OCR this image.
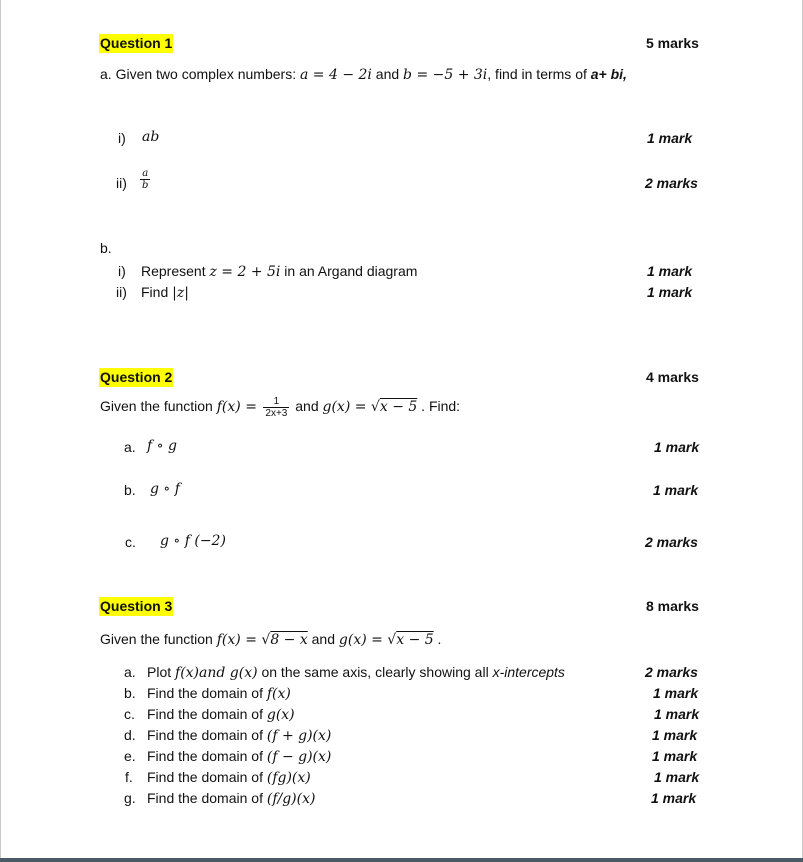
Question 1	5 marks
a. Given two complex numbers: a = 4 − 2i and b = −5 + 3i, find in terms of a+ bi,
i) ab	1 mark
$ii) \frac{a}{b}$	2 marks
b.
i) Represent z = 2 + 5i in an Argand diagram	1 mark
ii) Find |z|	1 mark
Question 2	4 marks
Given the function $f(x) = \frac{1}{2x+3}$ and g(x) = √x − 5 . Find:
a. f ∘ g	1 mark
b. g ∘ f	1 mark
c. g ∘ f (−2)	2 marks
Question 3	8 marks
Given the function f(x) = √8 − x and g(x) = √x − 5 .
a. Plot f(x)and g(x) on the same axis, clearly showing all x-intercepts	2 marks
b. Find the domain of f(x)	1 mark
c. Find the domain of g(x)	1 mark
d. Find the domain of (f + g)(x)	1 mark
e. Find the domain of (f − g)(x)	1 mark
f. Find the domain of (fg)(x)	1 mark
g. Find the domain of (f/g)(x)	1 mark
